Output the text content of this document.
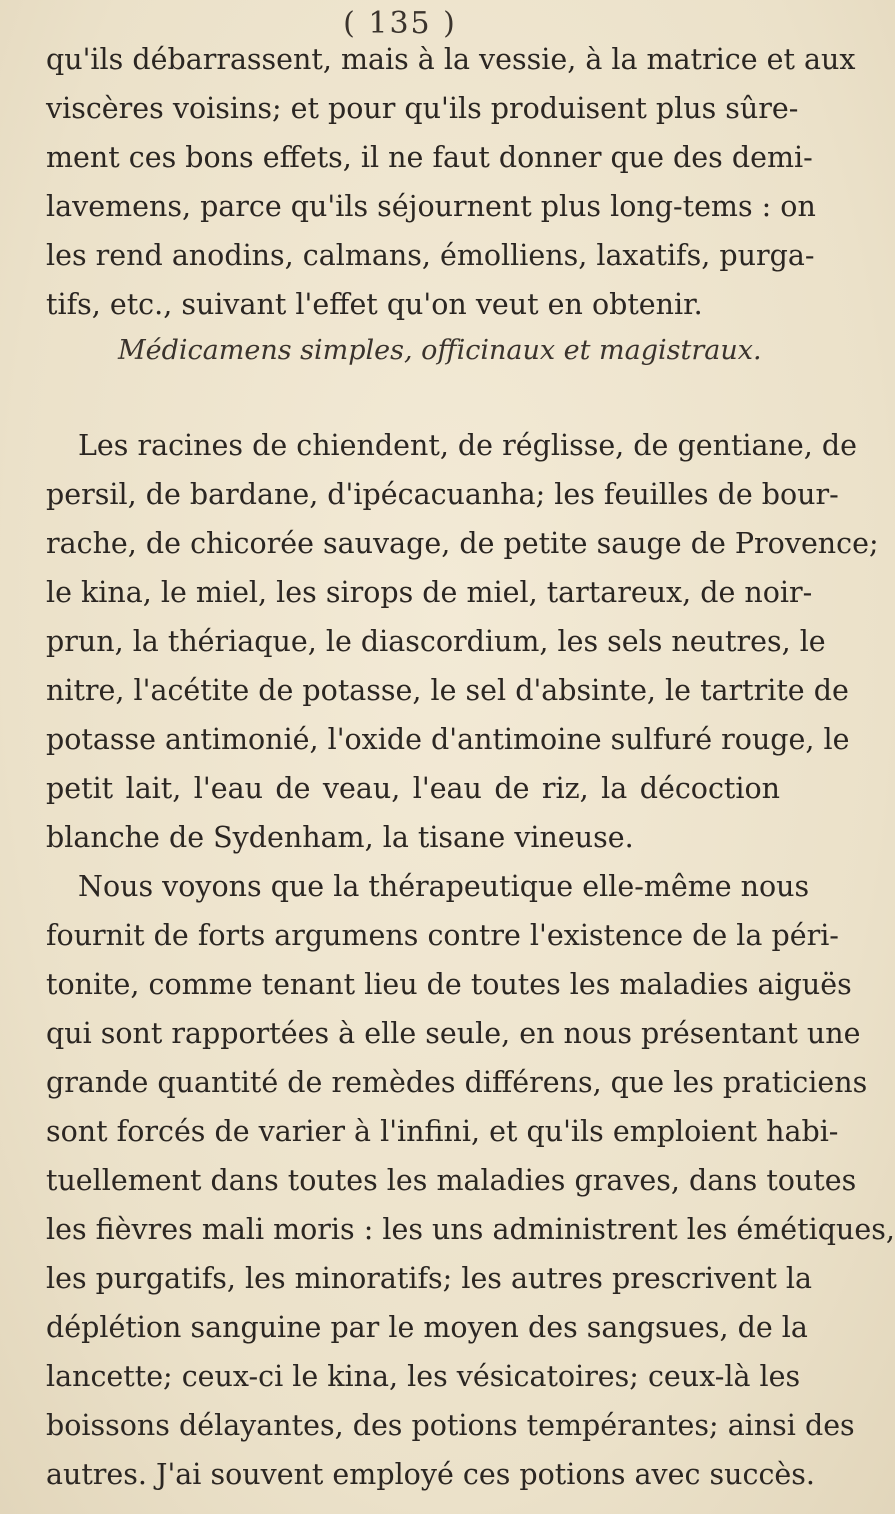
( 135 )
qu'ils débarrassent, mais à la vessie, à la matrice et aux
viscères voisins; et pour qu'ils produisent plus sûre-
ment ces bons effets, il ne faut donner que des demi-
lavemens, parce qu'ils séjournent plus long-tems : on
les rend anodins, calmans, émolliens, laxatifs, purga-
tifs, etc., suivant l'effet qu'on veut en obtenir.
Médicamens simples, officinaux et magistraux.
Les racines de chiendent, de réglisse, de gentiane, de
persil, de bardane, d'ipécacuanha; les feuilles de bour-
rache, de chicorée sauvage, de petite sauge de Provence;
le kina, le miel, les sirops de miel, tartareux, de noir-
prun, la thériaque, le diascordium, les sels neutres, le
nitre, l'acétite de potasse, le sel d'absinte, le tartrite de
potasse antimonié, l'oxide d'antimoine sulfuré rouge, le
petit lait, l'eau de veau, l'eau de riz, la décoction
blanche de Sydenham, la tisane vineuse.
Nous voyons que la thérapeutique elle-même nous
fournit de forts argumens contre l'existence de la péri-
tonite, comme tenant lieu de toutes les maladies aiguës
qui sont rapportées à elle seule, en nous présentant une
grande quantité de remèdes différens, que les praticiens
sont forcés de varier à l'infini, et qu'ils emploient habi-
tuellement dans toutes les maladies graves, dans toutes
les fièvres mali moris : les uns administrent les émétiques,
les purgatifs, les minoratifs; les autres prescrivent la
déplétion sanguine par le moyen des sangsues, de la
lancette; ceux-ci le kina, les vésicatoires; ceux-là les
boissons délayantes, des potions tempérantes; ainsi des
autres. J'ai souvent employé ces potions avec succès.
